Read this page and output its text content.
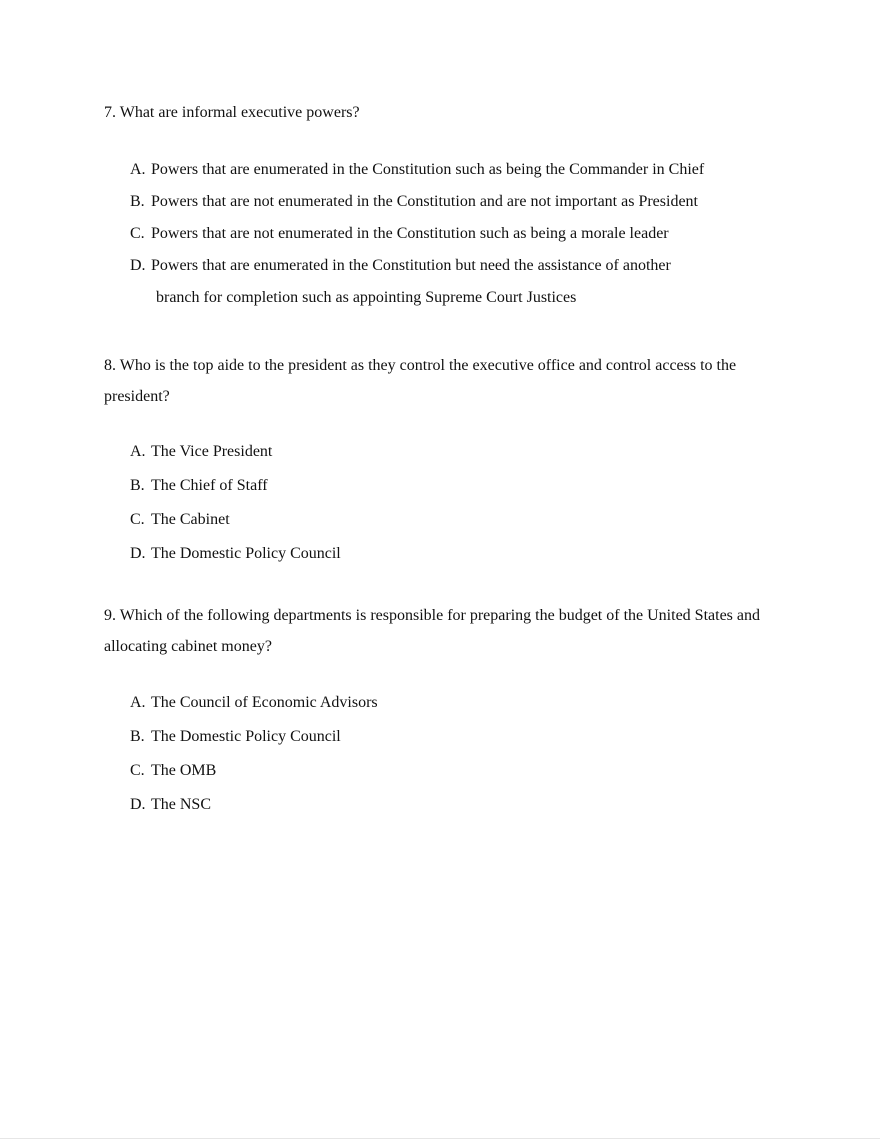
7. What are informal executive powers?
A. Powers that are enumerated in the Constitution such as being the Commander in Chief
B. Powers that are not enumerated in the Constitution and are not important as President
C. Powers that are not enumerated in the Constitution such as being a morale leader
D. Powers that are enumerated in the Constitution but need the assistance of another
branch for completion such as appointing Supreme Court Justices
8. Who is the top aide to the president as they control the executive office and control access to the president?
A. The Vice President
B. The Chief of Staff
C. The Cabinet
D. The Domestic Policy Council
9. Which of the following departments is responsible for preparing the budget of the United States and allocating cabinet money?
A. The Council of Economic Advisors
B. The Domestic Policy Council
C. The OMB
D. The NSC
